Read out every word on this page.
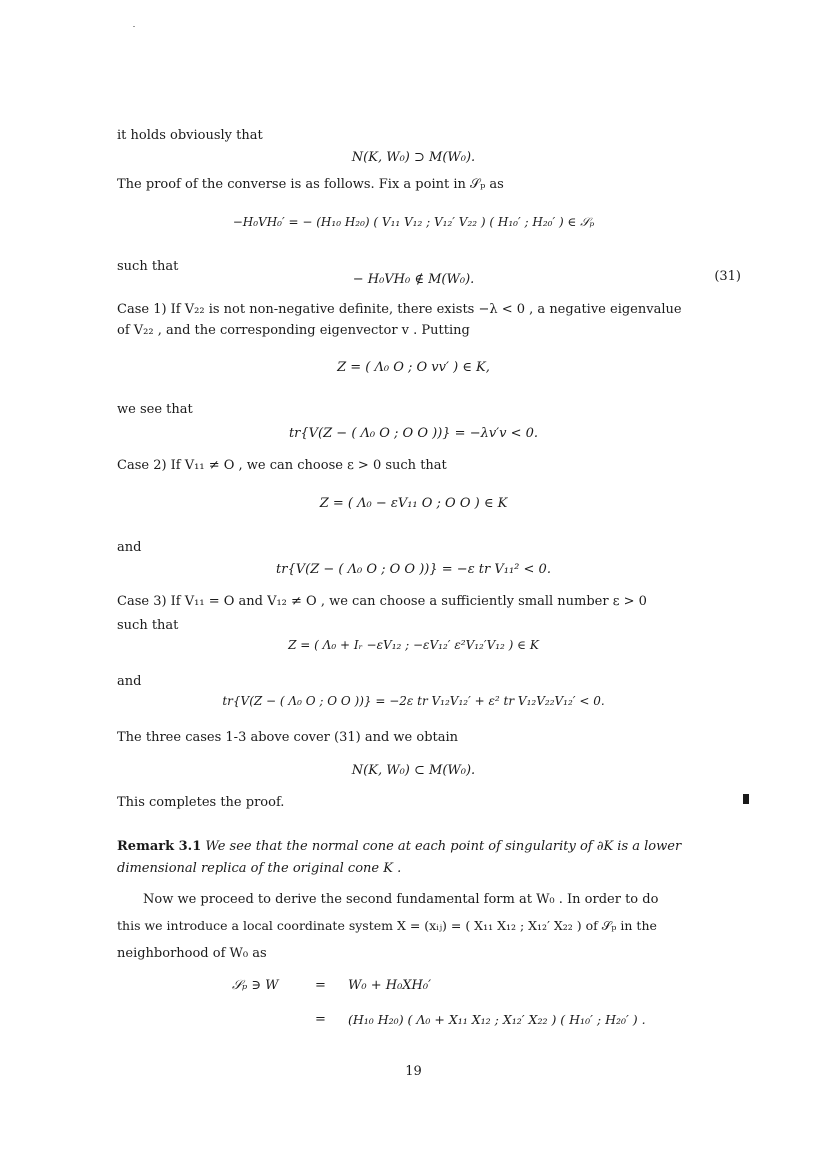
it holds obviously that
N(K, W₀) ⊃ M(W₀).
The proof of the converse is as follows. Fix a point in 𝒮ₚ as
−H₀VH₀′ = − (H₁₀ H₂₀) ( V₁₁ V₁₂ ; V₁₂′ V₂₂ ) ( H₁₀′ ; H₂₀′ ) ∈ 𝒮ₚ
such that
− H₀VH₀ ∉ M(W₀).	(31)
Case 1) If V₂₂ is not non-negative definite, there exists −λ < 0 , a negative eigenvalue
of V₂₂ , and the corresponding eigenvector v . Putting
Z = ( Λ₀ O ; O vv′ ) ∈ K,
we see that
tr{V(Z − ( Λ₀ O ; O O ))} = −λv′v < 0.
Case 2) If V₁₁ ≠ O , we can choose ε > 0 such that
Z = ( Λ₀ − εV₁₁ O ; O O ) ∈ K
and
tr{V(Z − ( Λ₀ O ; O O ))} = −ε tr V₁₁² < 0.
Case 3) If V₁₁ = O and V₁₂ ≠ O , we can choose a sufficiently small number ε > 0
such that
Z = ( Λ₀ + Iᵣ −εV₁₂ ; −εV₁₂′ ε²V₁₂′V₁₂ ) ∈ K
and
tr{V(Z − ( Λ₀ O ; O O ))} = −2ε tr V₁₂V₁₂′ + ε² tr V₁₂V₂₂V₁₂′ < 0.
The three cases 1-3 above cover (31) and we obtain
N(K, W₀) ⊂ M(W₀).
This completes the proof.
Remark 3.1 We see that the normal cone at each point of singularity of ∂K is a lower
dimensional replica of the original cone K .
Now we proceed to derive the second fundamental form at W₀ . In order to do
this we introduce a local coordinate system X = (xᵢⱼ) = ( X₁₁ X₁₂ ; X₁₂′ X₂₂ ) of 𝒮ₚ in the
neighborhood of W₀ as
𝒮ₚ ∋ W	= W₀ + H₀XH₀′
= (H₁₀ H₂₀) ( Λ₀ + X₁₁ X₁₂ ; X₁₂′ X₂₂ ) ( H₁₀′ ; H₂₀′ ) .
19
